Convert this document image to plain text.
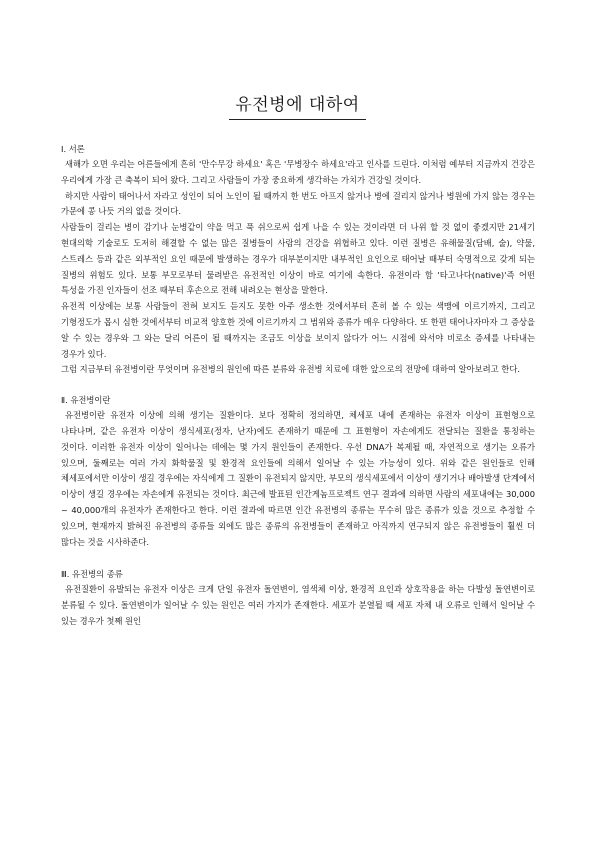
유전병에 대하여
Ⅰ. 서론

새해가 오면 우리는 어른들에게 흔히 '만수무강 하세요' 혹은 '무병장수 하세요'라고 인사를 드린다. 이처럼 예부터 지금까지 건강은 우리에게 가장 큰 축복이 되어 왔다. 그리고 사람들이 가장 중요하게 생각하는 가치가 건강일 것이다.

하지만 사람이 태어나서 자라고 성인이 되어 노인이 될 때까지 한 번도 아프지 않거나 병에 걸리지 않거나 병원에 가지 않는 경우는 가문에 콩 나듯 거의 없을 것이다.

사람들이 걸리는 병이 감기나 눈병같이 약을 먹고 푹 쉬으로써 쉽게 나을 수 있는 것이라면 더 나위 할 것 없이 좋겠지만 21세기 현대의학 기술로도 도저히 해결할 수 없는 많은 질병들이 사람의 건강을 위협하고 있다. 이런 질병은 유해물질(담배, 술), 약물, 스트레스 등과 같은 외부적인 요인 때문에 발생하는 경우가 대부분이지만 내부적인 요인으로 태어날 때부터 숙명적으로 갖게 되는 질병의 위험도 있다. 보통 부모로부터 물려받은 유전적인 이상이 바로 여기에 속한다. 유전이라 함 '타고나다(native)'즉 어떤 특성을 가진 인자들이 선조 때부터 후손으로 전해 내려오는 현상을 말한다.

유전적 이상에는 보통 사람들이 전혀 보지도 듣지도 못한 아주 생소한 것에서부터 흔히 볼 수 있는 색맹에 이르기까지, 그리고 기형정도가 몹시 심한 것에서부터 비교적 양호한 것에 이르기까지 그 범위와 종류가 매우 다양하다. 또 한편 태어나자마자 그 증상을 알 수 있는 경우와 그 와는 달리 어른이 될 때까지는 조금도 이상을 보이지 않다가 어느 시점에 와서야 비로소 증세를 나타내는 경우가 있다.

그럼 지금부터 유전병이란 무엇이며 유전병의 원인에 따른 분류와 유전병 치료에 대한 앞으로의 전망에 대하여 알아보려고 한다.

Ⅱ. 유전병이란

유전병이란 유전자 이상에 의해 생기는 질환이다. 보다 정확히 정의하면, 체세포 내에 존재하는 유전자 이상이 표현형으로 나타나며, 같은 유전자 이상이 생식세포(정자, 난자)에도 존재하기 때문에 그 표현형이 자손에게도 전달되는 질환을 통칭하는 것이다. 이러한 유전자 이상이 일어나는 데에는 몇 가지 원인들이 존재한다. 우선 DNA가 복제될 때, 자연적으로 생기는 오류가 있으며, 둘째로는 여러 가지 화학물질 및 환경적 요인들에 의해서 일어날 수 있는 가능성이 있다. 위와 같은 원인들로 인해 체세포에서만 이상이 생길 경우에는 자식에게 그 질환이 유전되지 않지만, 부모의 생식세포에서 이상이 생기거나 배아발생 단계에서 이상이 생길 경우에는 자손에게 유전되는 것이다. 최근에 발표된 인간게놈프로젝트 연구 결과에 의하면 사람의 세포내에는 30,000 ~ 40,000개의 유전자가 존재한다고 한다. 이런 결과에 따르면 인간 유전병의 종류는 무수히 많은 종류가 있을 것으로 추정할 수 있으며, 현재까지 밝혀진 유전병의 종류들 외에도 많은 종류의 유전병들이 존재하고 아직까지 연구되지 않은 유전병들이 훨씬 더 많다는 것을 시사하준다.

Ⅲ. 유전병의 종류

유전질환이 유발되는 유전자 이상은 크게 단일 유전자 돌연변이, 염색체 이상, 환경적 요인과 상호작용을 하는 다발성 돌연변이로 분류될 수 있다. 돌연변이가 일어날 수 있는 원인은 여러 가지가 존재한다. 세포가 분열될 때 세포 자체 내 오류로 인해서 일어날 수 있는 경우가 첫째 원인
